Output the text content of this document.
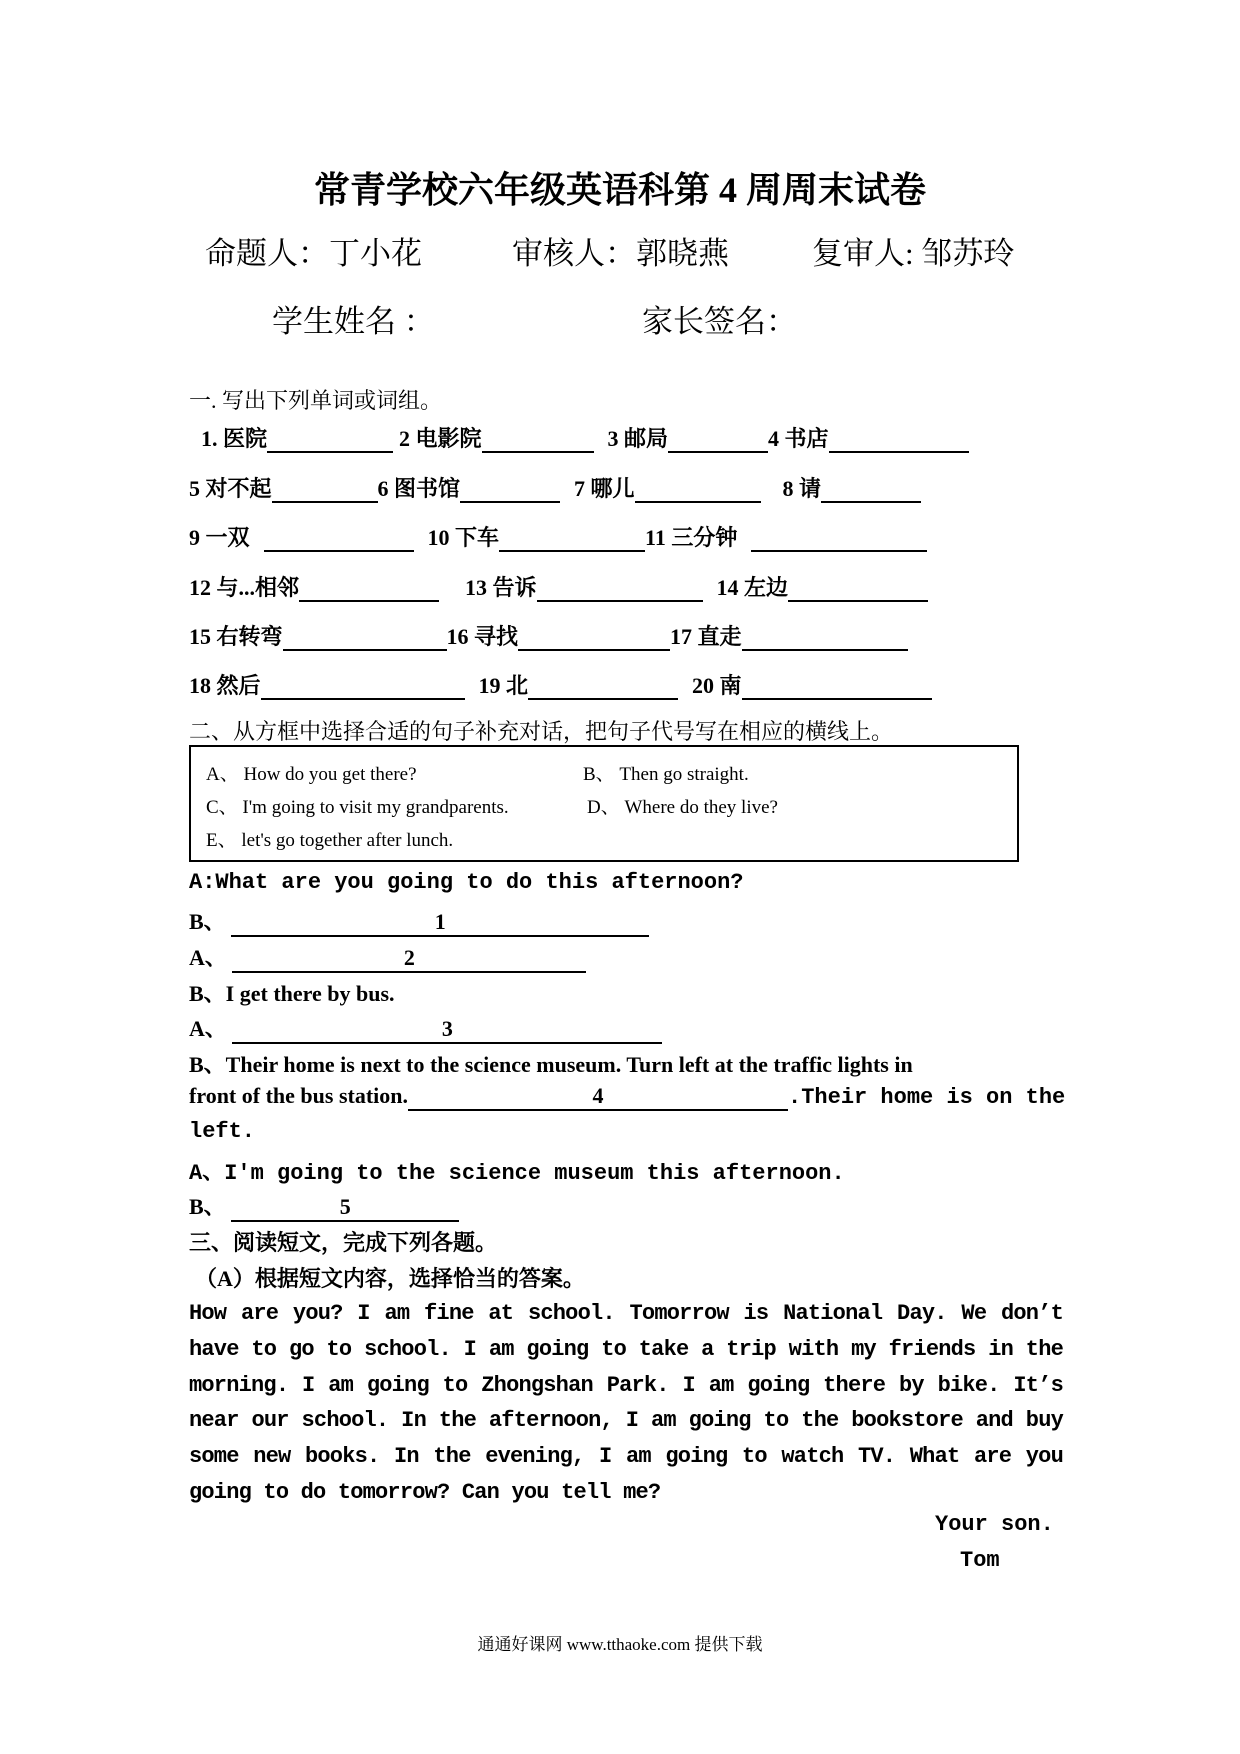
常青学校六年级英语科第 4 周周末试卷
命题人：丁小花	审核人：郭晓燕	复审人: 邹苏玲
学生姓名 ：	家长签名：
一. 写出下列单词或词组。
1. 医院	2 电影院	3 邮局	4 书店
5 对不起	6 图书馆	7 哪儿	8 请
9 一双	10 下车	11 三分钟
12 与...相邻	13 告诉	14 左边
15 右转弯	16 寻找	17 直走
18 然后	19 北	20 南
二、从方框中选择合适的句子补充对话，把句子代号写在相应的横线上。
A、 How do you get there?	B、 Then go straight.
C、 I'm going to visit my grandparents.	D、 Where do they live?
E、 let's go together after lunch.
A:What are you going to do this afternoon?
B、	1
A、	2
B、I get there by bus.
A、	3
B、Their home is next to the science museum. Turn left at the traffic lights in
front of the bus station.	4	.Their home is on the
left.
A、I'm going to the science museum this afternoon.
B、	5
三、阅读短文，完成下列各题。
（A）根据短文内容，选择恰当的答案。
How are you? I am fine at school. Tomorrow is National Day. We don’t have to go to school. I am going to take a trip with my friends in the morning. I am going to Zhongshan Park. I am going there by bike. It’s near our school. In the afternoon, I am going to the bookstore and buy some new books. In the evening, I am going to watch TV. What are you going to do tomorrow? Can you tell me?
Your son.
Tom
通通好课网 www.tthaoke.com 提供下载
